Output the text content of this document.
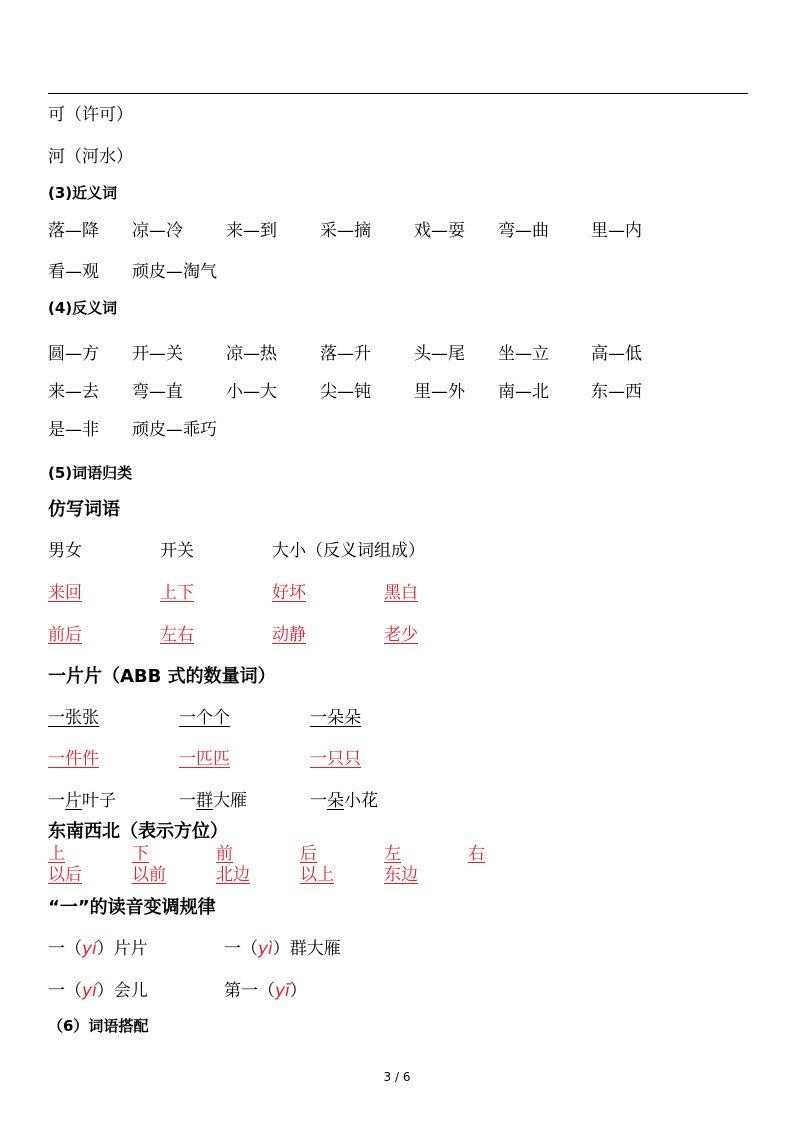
可（许可）
河（河水）
(3)近义词
落—降 凉—冷	来—到	采—摘	戏—耍 弯—曲 里—内
看—观 顽皮—淘气
(4)反义词
圆—方 开—关	凉—热	落—升	头—尾 坐—立 高—低
来—去 弯—直	小—大	尖—钝	里—外 南—北 东—西
是—非 顽皮—乖巧
(5)词语归类
仿写词语
男女	开关	大小（反义词组成）
来回	上下	好坏	黑白
前后	左右	动静	老少
一片片（ABB 式的数量词）
一张张	一个个	一朵朵
一件件	一匹匹	一只只
一片叶子	一群大雁	一朵小花
东南西北（表示方位）
上	下	前	后	左	右
以后	以前	北边	以上	东边
“一”的读音变调规律
一（yí）片片	一（yì）群大雁
一（yí）会儿	第一（yī）
（6）词语搭配
3 / 6
